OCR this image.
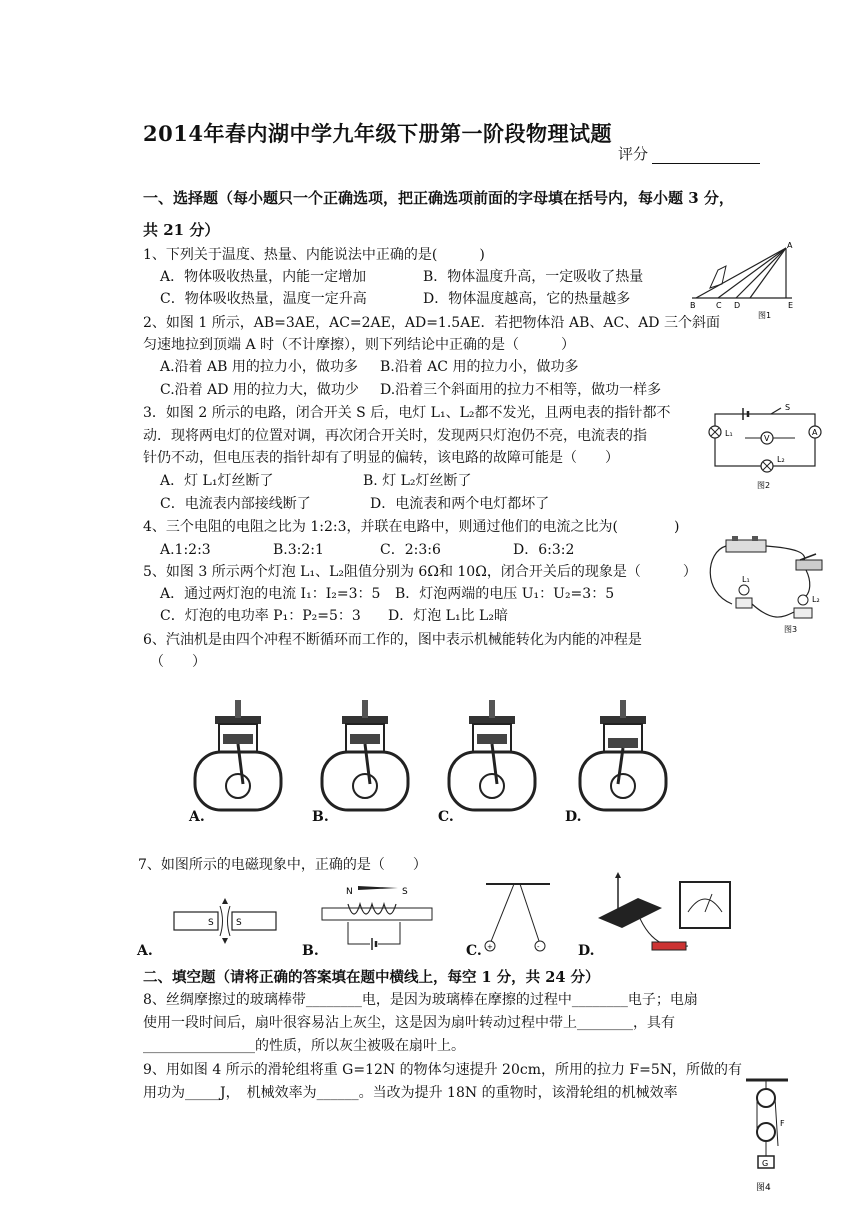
2014年春内湖中学九年级下册第一阶段物理试题
评分
一、选择题（每小题只一个正确选项，把正确选项前面的字母填在括号内，每小题 3 分，
共 21 分）
1、下列关于温度、热量、内能说法中正确的是(　　　)
A．物体吸收热量，内能一定增加	B．物体温度升高，一定吸收了热量
C．物体吸收热量，温度一定升高	D．物体温度越高，它的热量越多
2、如图 1 所示，AB=3AE，AC=2AE，AD=1.5AE．若把物体沿 AB、AC、AD 三个斜面
匀速地拉到顶端 A 时（不计摩擦），则下列结论中正确的是（　　　）
A.沿着 AB 用的拉力小，做功多 B.沿着 AC 用的拉力小，做功多
C.沿着 AD 用的拉力大，做功少 D.沿着三个斜面用的拉力不相等，做功一样多
3．如图 2 所示的电路，闭合开关 S 后，电灯 L₁、L₂都不发光，且两电表的指针都不
动．现将两电灯的位置对调，再次闭合开关时，发现两只灯泡仍不亮，电流表的指
针仍不动，但电压表的指针却有了明显的偏转，该电路的故障可能是（　　）
A．灯 L₁灯丝断了	B. 灯 L₂灯丝断了
C．电流表内部接线断了	D．电流表和两个电灯都坏了
4、三个电阻的电阻之比为 1:2:3，并联在电路中，则通过他们的电流之比为(　　　　)
A.1:2:3	B.3:2:1	C．2:3:6	D．6:3:2
5、如图 3 所示两个灯泡 L₁、L₂阻值分别为 6Ω和 10Ω，闭合开关后的现象是（　　　）
A．通过两灯泡的电流 I₁：I₂=3：5 B．灯泡两端的电压 U₁：U₂=3：5
C．灯泡的电功率 P₁：P₂=5：3 D．灯泡 L₁比 L₂暗
6、汽油机是由四个冲程不断循环而工作的，图中表示机械能转化为内能的冲程是
（　　）
7、如图所示的电磁现象中，正确的是（　　）
二、填空题（请将正确的答案填在题中横线上，每空 1 分，共 24 分）
8、丝绸摩擦过的玻璃棒带________电，是因为玻璃棒在摩擦的过程中________电子；电扇
使用一段时间后，扇叶很容易沾上灰尘，这是因为扇叶转动过程中带上________，具有
________________的性质，所以灰尘被吸在扇叶上。
9、用如图 4 所示的滑轮组将重 G=12N 的物体匀速提升 20cm，所用的拉力 F=5N，所做的有
用功为_____J，　机械效率为______。当改为提升 18N 的重物时，该滑轮组的机械效率
A
B	C D	E
图1
S
L₁
V
A
L₂
图2
L₁
L₂
图3
A.	B.	C.	D.
S S
N	S
+	-
A.	B.	C.	D.
F
G
图4
